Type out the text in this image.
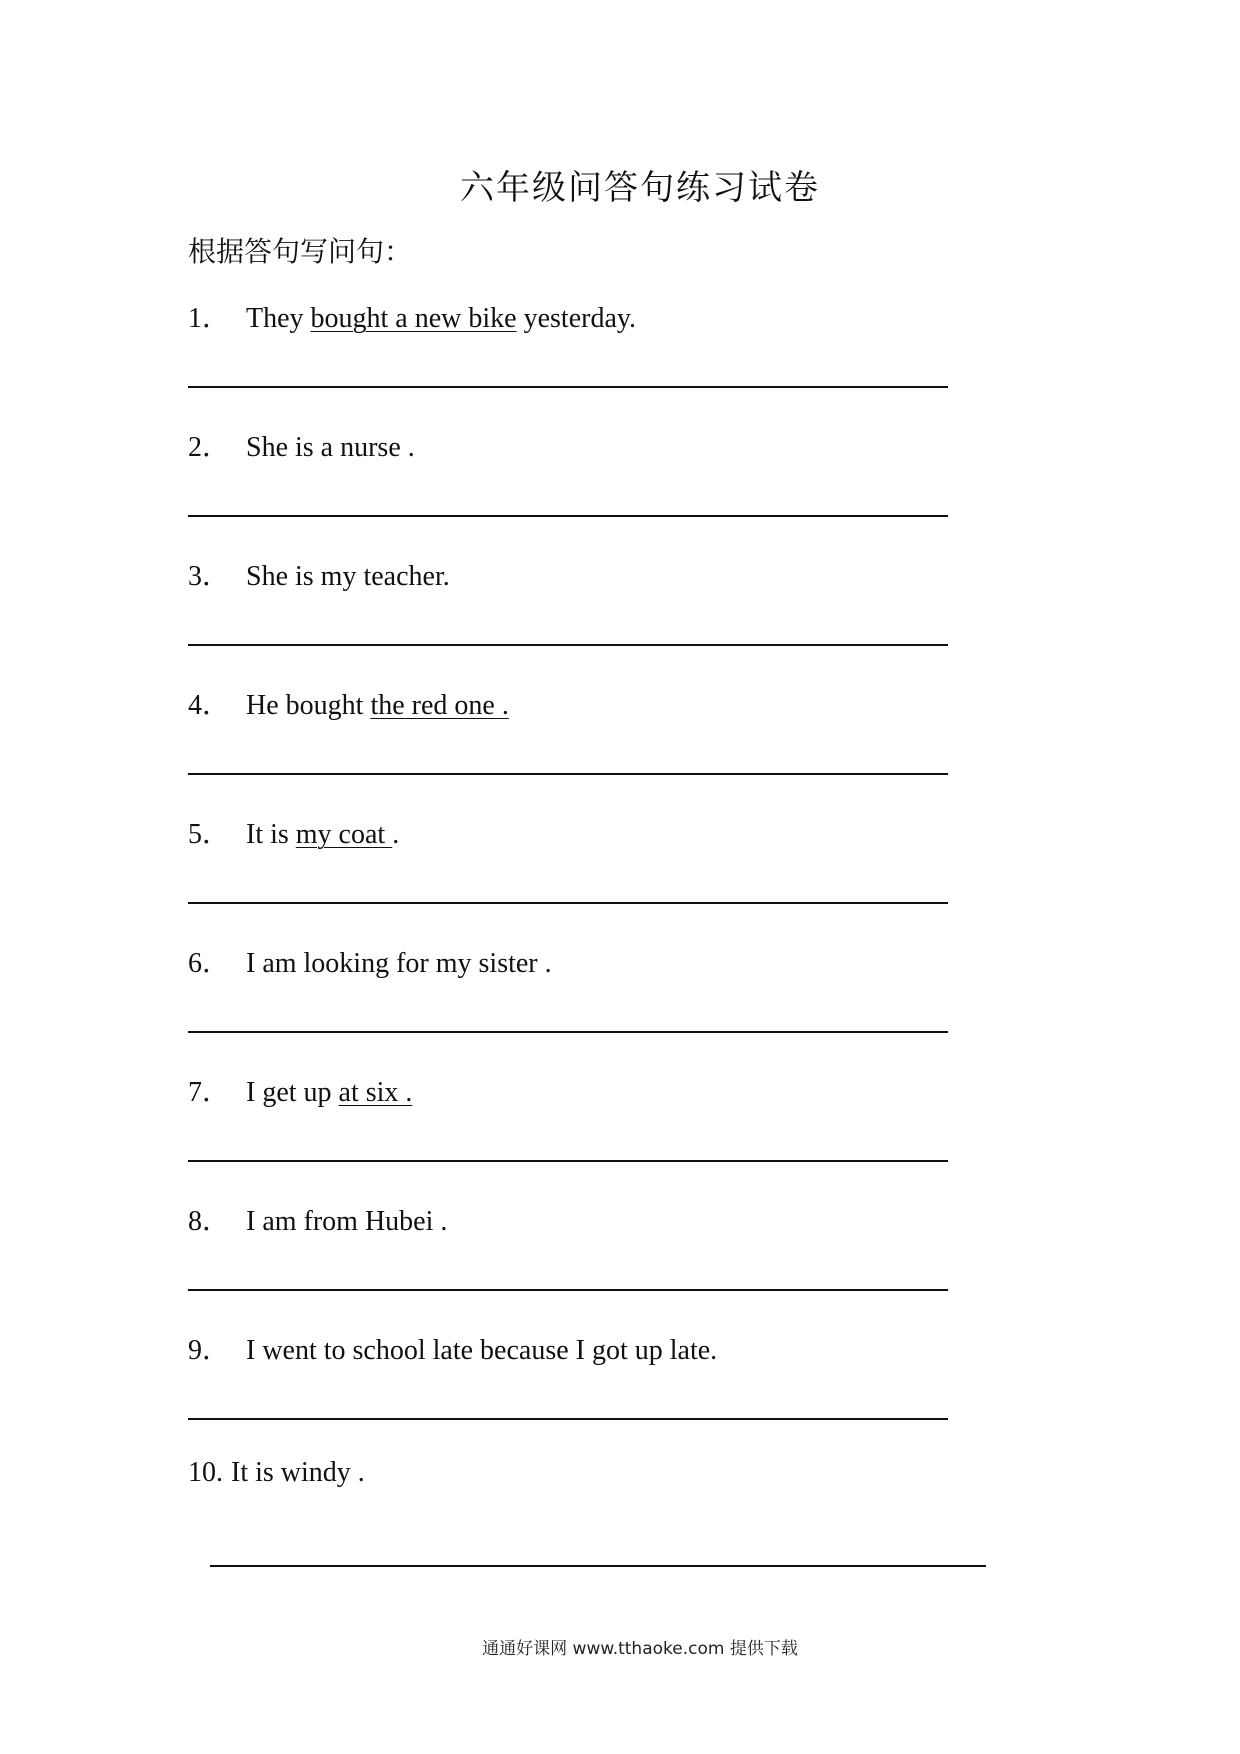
六年级问答句练习试卷
根据答句写问句：
1． They bought a new bike yesterday.
2． She is a nurse .
3． She is my teacher.
4． He bought the red one .
5． It is my coat .
6． I am looking for my sister .
7． I get up at six .
8． I am from Hubei .
9． I went to school late because I got up late.
10. It is windy .
通通好课网 www.tthaoke.com 提供下载
